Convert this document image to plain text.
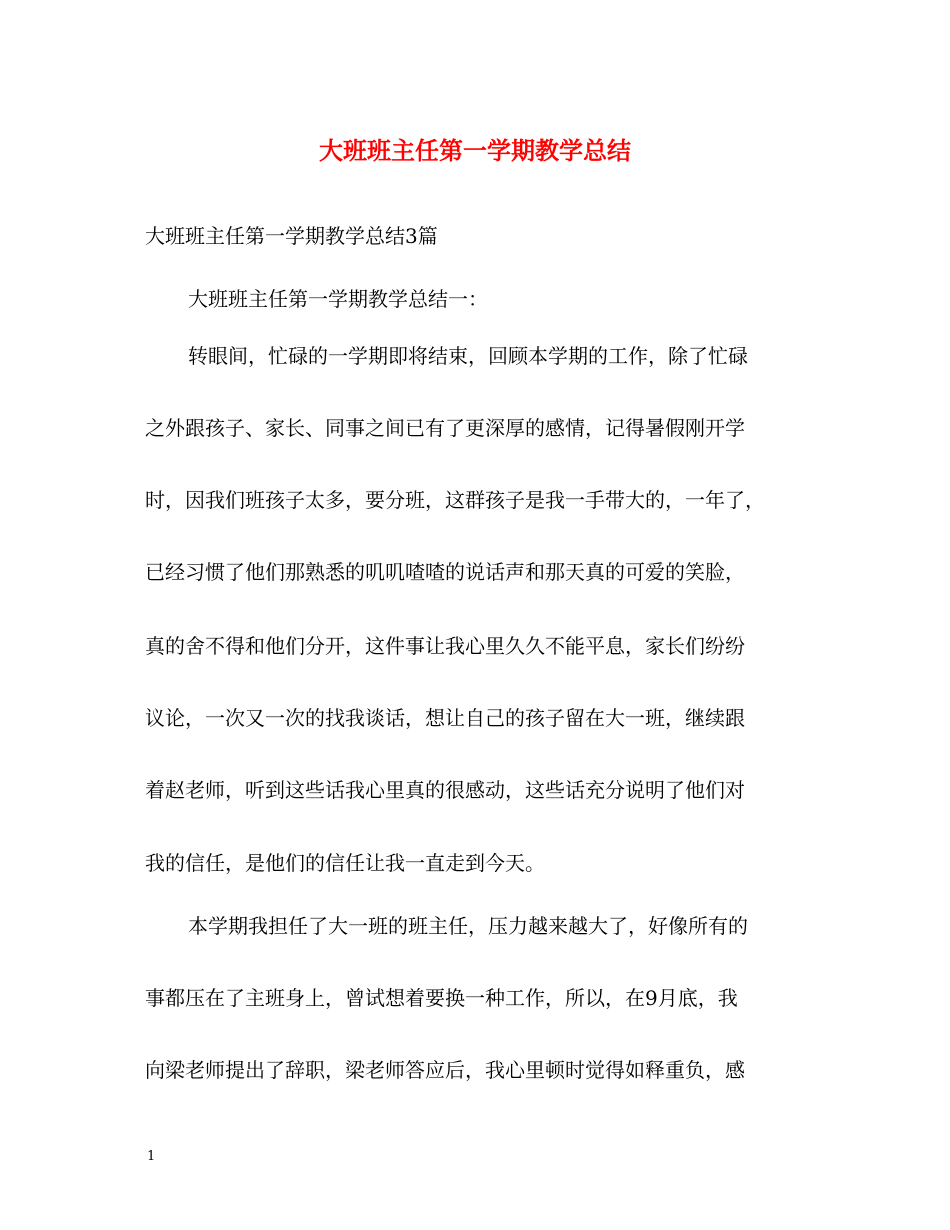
大班班主任第一学期教学总结
大班班主任第一学期教学总结3篇
大班班主任第一学期教学总结一：
转眼间，忙碌的一学期即将结束，回顾本学期的工作，除了忙碌
之外跟孩子、家长、同事之间已有了更深厚的感情，记得暑假刚开学
时，因我们班孩子太多，要分班，这群孩子是我一手带大的，一年了，
已经习惯了他们那熟悉的叽叽喳喳的说话声和那天真的可爱的笑脸，
真的舍不得和他们分开，这件事让我心里久久不能平息，家长们纷纷
议论，一次又一次的找我谈话，想让自己的孩子留在大一班，继续跟
着赵老师，听到这些话我心里真的很感动，这些话充分说明了他们对
我的信任，是他们的信任让我一直走到今天。
本学期我担任了大一班的班主任，压力越来越大了，好像所有的
事都压在了主班身上，曾试想着要换一种工作，所以，在9月底，我
向梁老师提出了辞职，梁老师答应后，我心里顿时觉得如释重负，感
1
